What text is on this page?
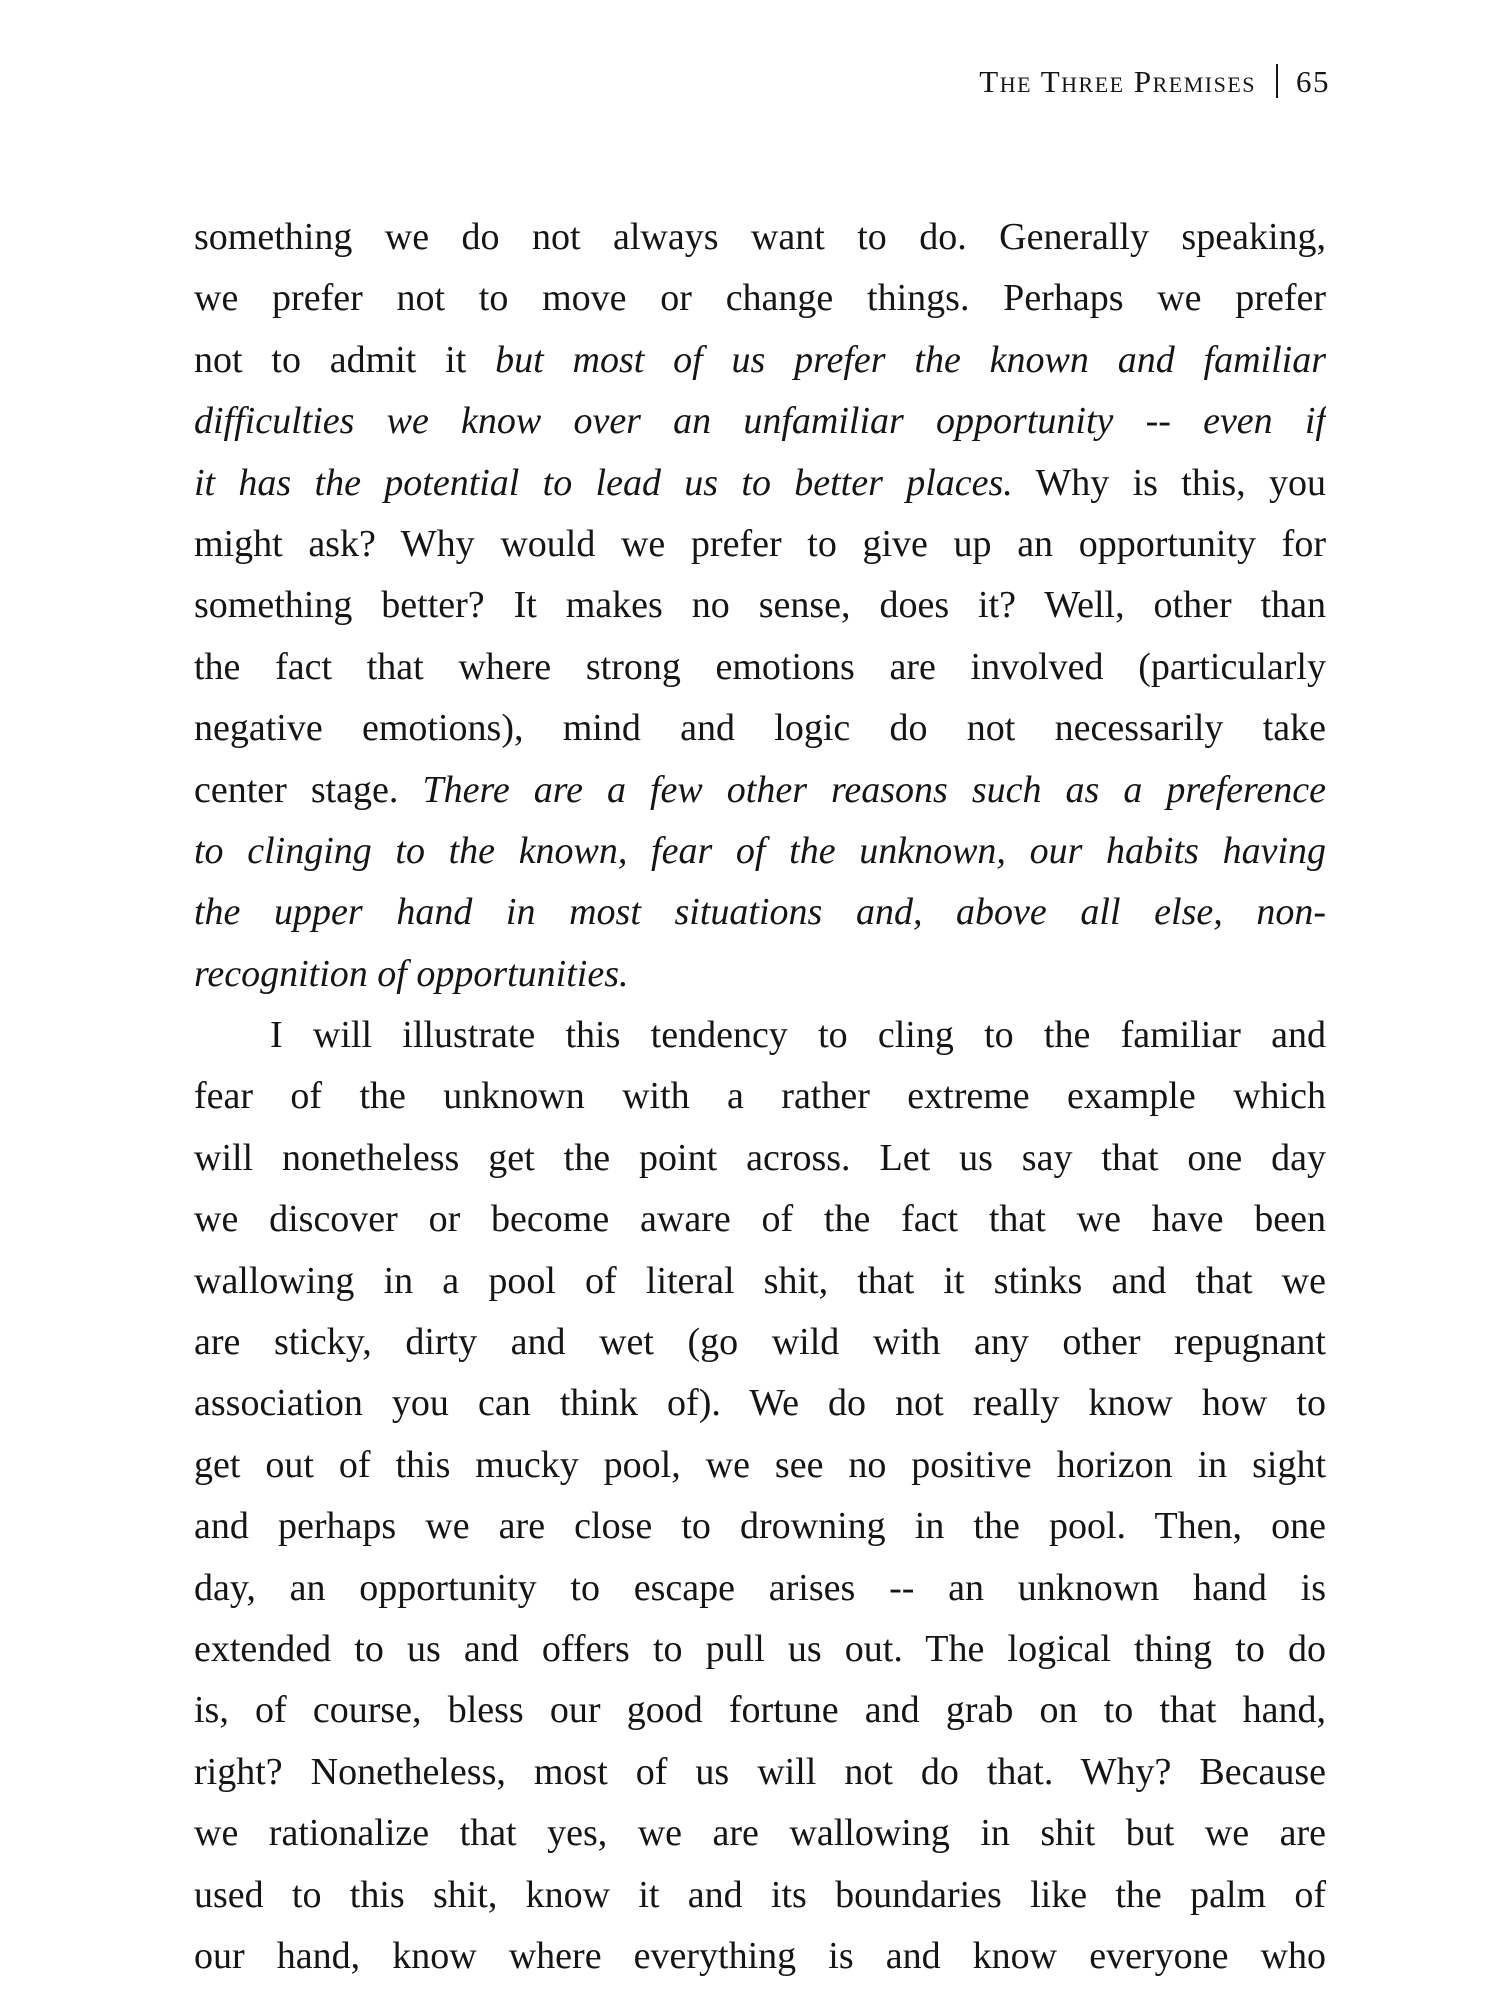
The Three Premises 65
something we do not always want to do. Generally speaking,
we prefer not to move or change things. Perhaps we prefer
not to admit it but most of us prefer the known and familiar
difficulties we know over an unfamiliar opportunity -- even if
it has the potential to lead us to better places. Why is this, you
might ask? Why would we prefer to give up an opportunity for
something better? It makes no sense, does it? Well, other than
the fact that where strong emotions are involved (particularly
negative emotions), mind and logic do not necessarily take
center stage. There are a few other reasons such as a preference
to clinging to the known, fear of the unknown, our habits having
the upper hand in most situations and, above all else, non-
recognition of opportunities.
I will illustrate this tendency to cling to the familiar and
fear of the unknown with a rather extreme example which
will nonetheless get the point across. Let us say that one day
we discover or become aware of the fact that we have been
wallowing in a pool of literal shit, that it stinks and that we
are sticky, dirty and wet (go wild with any other repugnant
association you can think of). We do not really know how to
get out of this mucky pool, we see no positive horizon in sight
and perhaps we are close to drowning in the pool. Then, one
day, an opportunity to escape arises -- an unknown hand is
extended to us and offers to pull us out. The logical thing to do
is, of course, bless our good fortune and grab on to that hand,
right? Nonetheless, most of us will not do that. Why? Because
we rationalize that yes, we are wallowing in shit but we are
used to this shit, know it and its boundaries like the palm of
our hand, know where everything is and know everyone who
